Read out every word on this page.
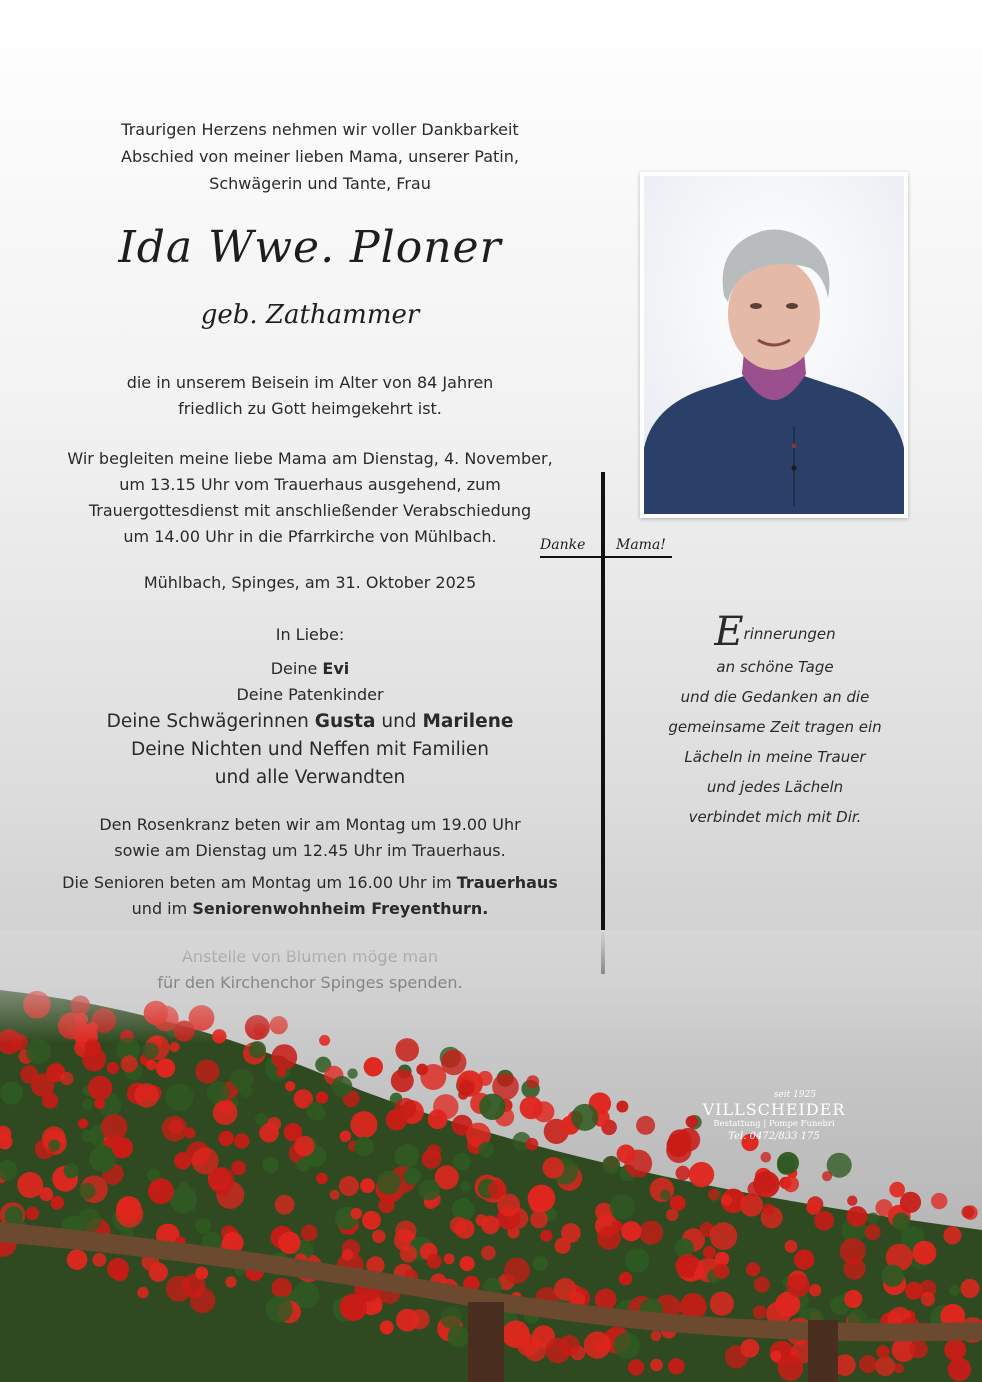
Traurigen Herzens nehmen wir voller Dankbarkeit
Abschied von meiner lieben Mama, unserer Patin,
Schwägerin und Tante, Frau
Ida Wwe. Ploner
geb. Zathammer
die in unserem Beisein im Alter von 84 Jahren
friedlich zu Gott heimgekehrt ist.
Wir begleiten meine liebe Mama am Dienstag, 4. November,
um 13.15 Uhr vom Trauerhaus ausgehend, zum
Trauergottesdienst mit anschließender Verabschiedung
um 14.00 Uhr in die Pfarrkirche von Mühlbach.
Mühlbach, Spinges, am 31. Oktober 2025
In Liebe:
Deine Evi
Deine Patenkinder
Deine Schwägerinnen Gusta und Marilene
Deine Nichten und Neffen mit Familien
und alle Verwandten
Den Rosenkranz beten wir am Montag um 19.00 Uhr
sowie am Dienstag um 12.45 Uhr im Trauerhaus.
Die Senioren beten am Montag um 16.00 Uhr im Trauerhaus
und im Seniorenwohnheim Freyenthurn.
Danke Mama!
Erinnerungen
an schöne Tage
und die Gedanken an die
gemeinsame Zeit tragen ein
Lächeln in meine Trauer
und jedes Lächeln
verbindet mich mit Dir.
seit 1925
VILLSCHEIDER
Bestattung | Pompe Funebri
Tel. 0472/833 175
